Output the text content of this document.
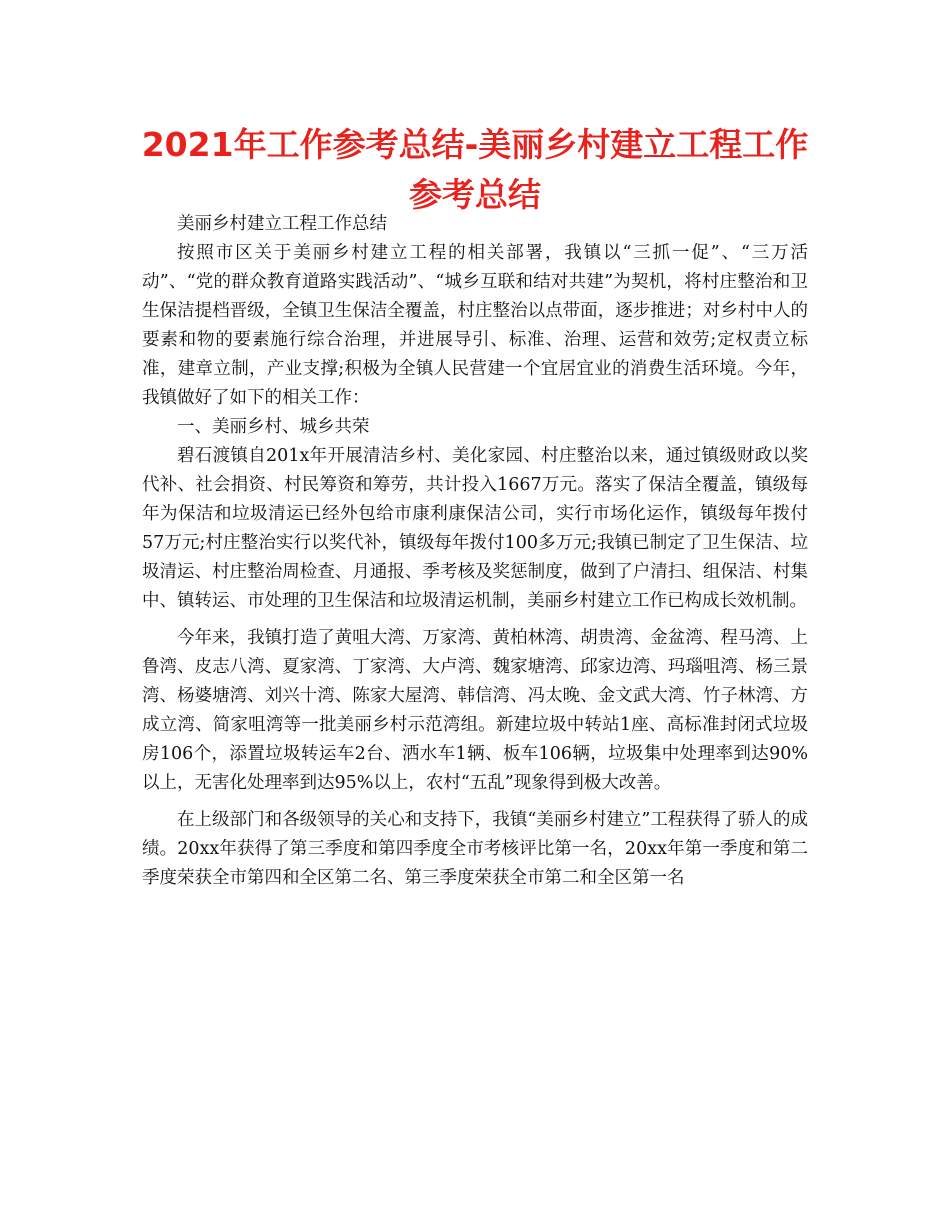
2021年工作参考总结-美丽乡村建立工程工作参考总结

美丽乡村建立工程工作总结

按照市区关于美丽乡村建立工程的相关部署，我镇以“三抓一促”、“三万活动”、“党的群众教育道路实践活动”、“城乡互联和结对共建”为契机，将村庄整治和卫生保洁提档晋级，全镇卫生保洁全覆盖，村庄整治以点带面，逐步推进；对乡村中人的要素和物的要素施行综合治理，并进展导引、标准、治理、运营和效劳;定权责立标准，建章立制，产业支撑;积极为全镇人民营建一个宜居宜业的消费生活环境。今年，我镇做好了如下的相关工作：

一、美丽乡村、城乡共荣

碧石渡镇自201x年开展清洁乡村、美化家园、村庄整治以来，通过镇级财政以奖代补、社会捐资、村民筹资和筹劳，共计投入1667万元。落实了保洁全覆盖，镇级每年为保洁和垃圾清运已经外包给市康利康保洁公司，实行市场化运作，镇级每年拨付57万元;村庄整治实行以奖代补，镇级每年拨付100多万元;我镇已制定了卫生保洁、垃圾清运、村庄整治周检查、月通报、季考核及奖惩制度，做到了户清扫、组保洁、村集中、镇转运、市处理的卫生保洁和垃圾清运机制，美丽乡村建立工作已构成长效机制。

今年来，我镇打造了黄咀大湾、万家湾、黄柏林湾、胡贵湾、金盆湾、程马湾、上鲁湾、皮志八湾、夏家湾、丁家湾、大卢湾、魏家塘湾、邱家边湾、玛瑙咀湾、杨三景湾、杨婆塘湾、刘兴十湾、陈家大屋湾、韩信湾、冯太晚、金文武大湾、竹子林湾、方成立湾、简家咀湾等一批美丽乡村示范湾组。新建垃圾中转站1座、高标准封闭式垃圾房106个，添置垃圾转运车2台、洒水车1辆、板车106辆，垃圾集中处理率到达90%以上，无害化处理率到达95%以上，农村“五乱”现象得到极大改善。

在上级部门和各级领导的关心和支持下，我镇“美丽乡村建立”工程获得了骄人的成绩。20xx年获得了第三季度和第四季度全市考核评比第一名，20xx年第一季度和第二季度荣获全市第四和全区第二名、第三季度荣获全市第二和全区第一名
